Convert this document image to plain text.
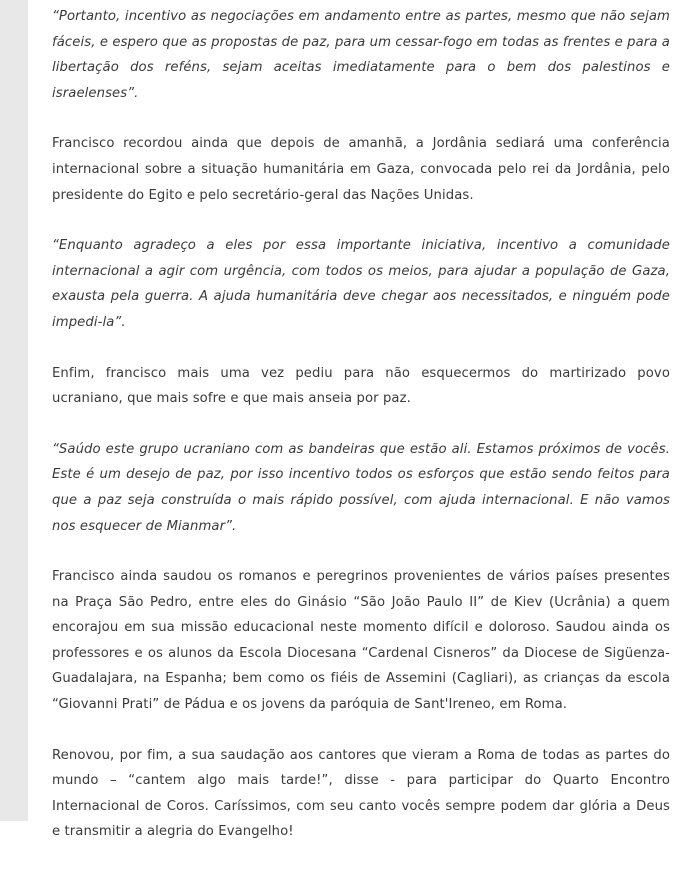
“Portanto, incentivo as negociações em andamento entre as partes, mesmo que não sejam fáceis, e espero que as propostas de paz, para um cessar-fogo em todas as frentes e para a libertação dos reféns, sejam aceitas imediatamente para o bem dos palestinos e israelenses”.

Francisco recordou ainda que depois de amanhã, a Jordânia sediará uma conferência internacional sobre a situação humanitária em Gaza, convocada pelo rei da Jordânia, pelo presidente do Egito e pelo secretário-geral das Nações Unidas.

“Enquanto agradeço a eles por essa importante iniciativa, incentivo a comunidade internacional a agir com urgência, com todos os meios, para ajudar a população de Gaza, exausta pela guerra. A ajuda humanitária deve chegar aos necessitados, e ninguém pode impedi-la”.

Enfim, francisco mais uma vez pediu para não esquecermos do martirizado povo ucraniano, que mais sofre e que mais anseia por paz.

“Saúdo este grupo ucraniano com as bandeiras que estão ali. Estamos próximos de vocês. Este é um desejo de paz, por isso incentivo todos os esforços que estão sendo feitos para que a paz seja construída o mais rápido possível, com ajuda internacional. E não vamos nos esquecer de Mianmar”.

Francisco ainda saudou os romanos e peregrinos provenientes de vários países presentes na Praça São Pedro, entre eles do Ginásio “São João Paulo II” de Kiev (Ucrânia) a quem encorajou em sua missão educacional neste momento difícil e doloroso. Saudou ainda os professores e os alunos da Escola Diocesana “Cardenal Cisneros” da Diocese de Sigüenza-Guadalajara, na Espanha; bem como os fiéis de Assemini (Cagliari), as crianças da escola “Giovanni Prati” de Pádua e os jovens da paróquia de Sant'Ireneo, em Roma.

Renovou, por fim, a sua saudação aos cantores que vieram a Roma de todas as partes do mundo – “cantem algo mais tarde!”, disse - para participar do Quarto Encontro Internacional de Coros. Caríssimos, com seu canto vocês sempre podem dar glória a Deus e transmitir a alegria do Evangelho!
